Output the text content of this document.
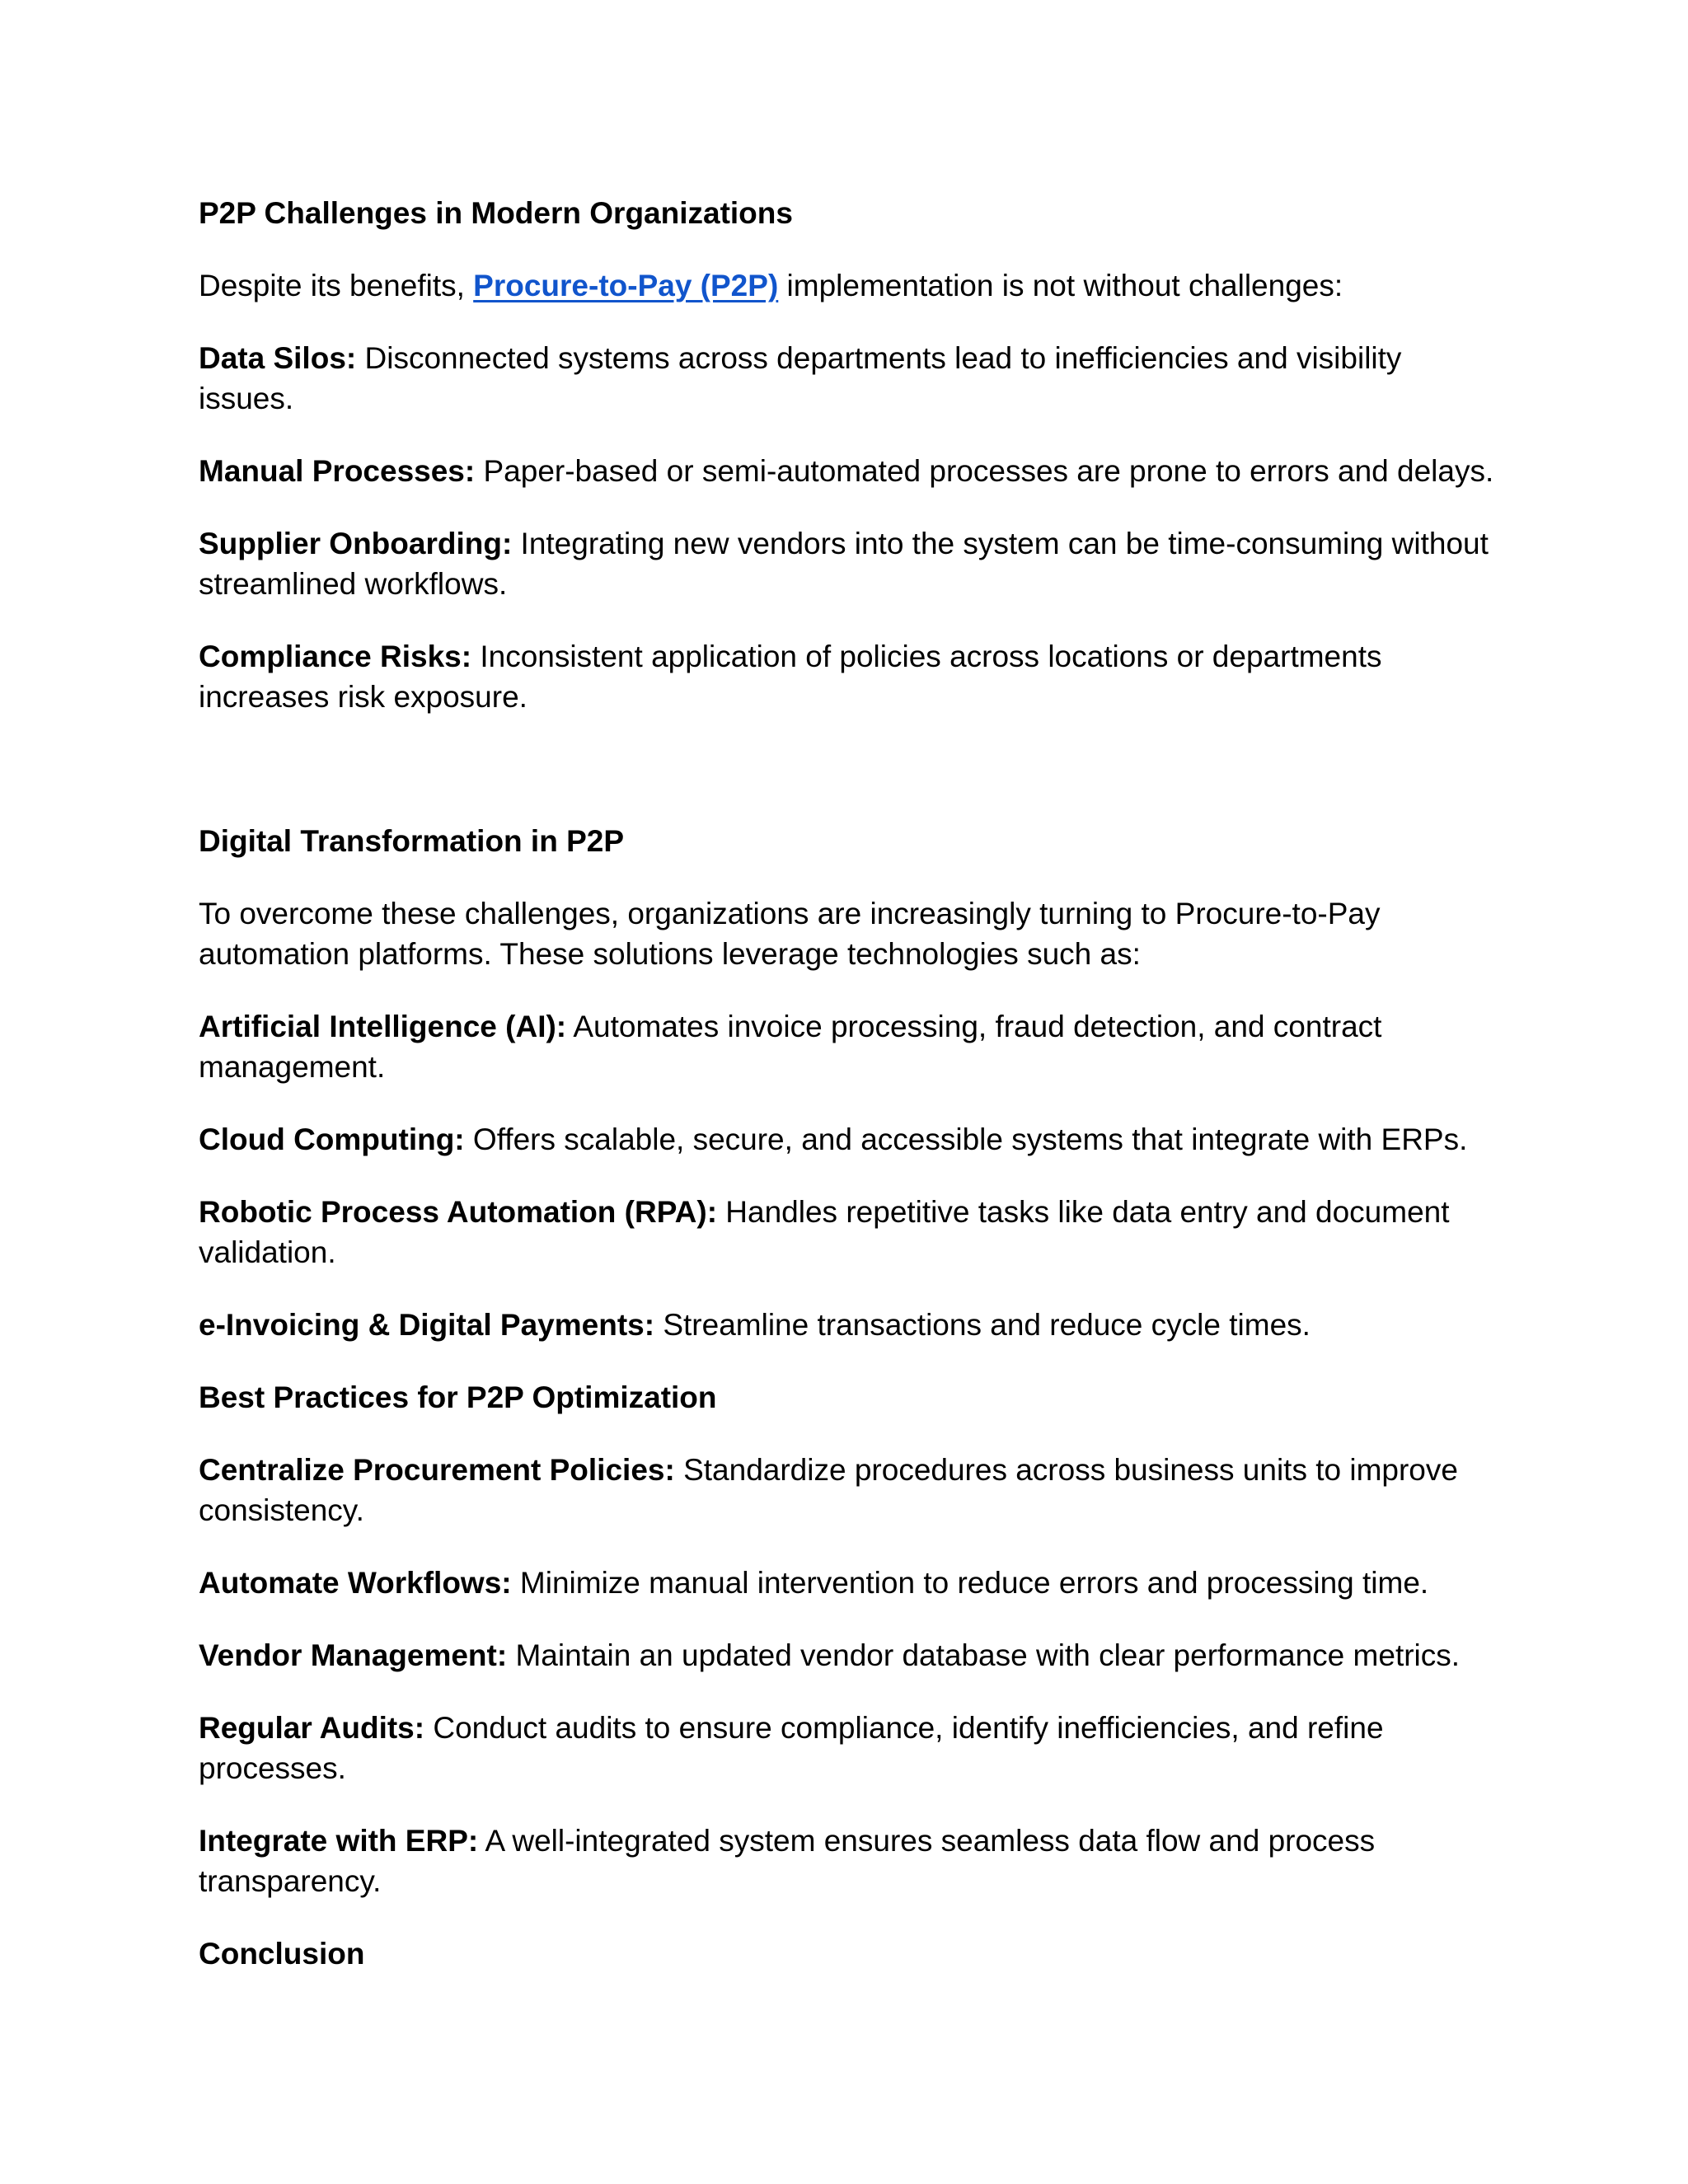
P2P Challenges in Modern Organizations

Despite its benefits, Procure-to-Pay (P2P) implementation is not without challenges:

Data Silos: Disconnected systems across departments lead to inefficiencies and visibility issues.

Manual Processes: Paper-based or semi-automated processes are prone to errors and delays.

Supplier Onboarding: Integrating new vendors into the system can be time-consuming without streamlined workflows.

Compliance Risks: Inconsistent application of policies across locations or departments increases risk exposure.

Digital Transformation in P2P

To overcome these challenges, organizations are increasingly turning to Procure-to-Pay automation platforms. These solutions leverage technologies such as:

Artificial Intelligence (AI): Automates invoice processing, fraud detection, and contract management.

Cloud Computing: Offers scalable, secure, and accessible systems that integrate with ERPs.

Robotic Process Automation (RPA): Handles repetitive tasks like data entry and document validation.

e-Invoicing & Digital Payments: Streamline transactions and reduce cycle times.

Best Practices for P2P Optimization

Centralize Procurement Policies: Standardize procedures across business units to improve consistency.

Automate Workflows: Minimize manual intervention to reduce errors and processing time.

Vendor Management: Maintain an updated vendor database with clear performance metrics.

Regular Audits: Conduct audits to ensure compliance, identify inefficiencies, and refine processes.

Integrate with ERP: A well-integrated system ensures seamless data flow and process transparency.

Conclusion
